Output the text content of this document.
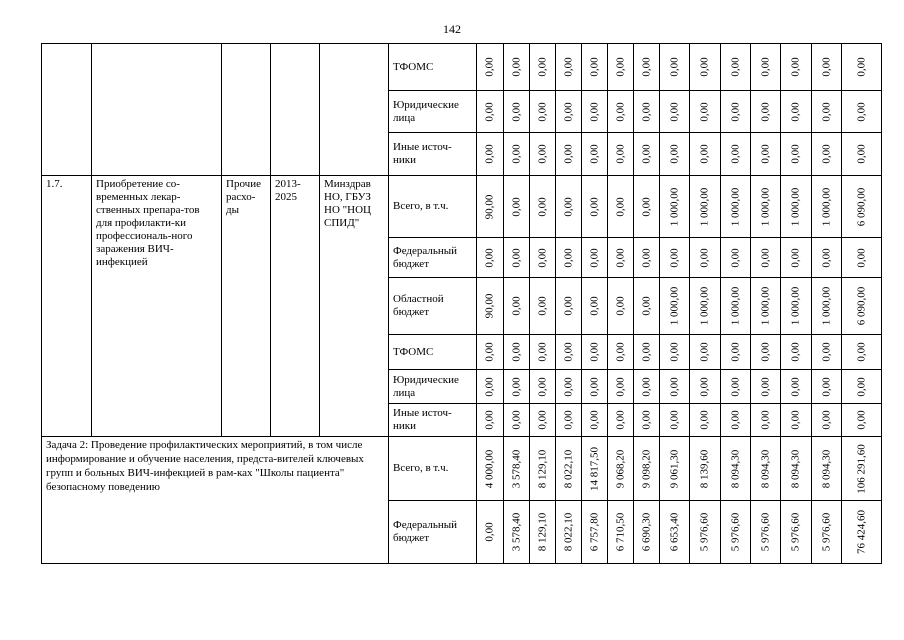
142
					ТФОМС	0,00	0,00	0,00	0,00	0,00	0,00	0,00	0,00	0,00	0,00	0,00	0,00	0,00	0,00

					Юридические лица	0,00	0,00	0,00	0,00	0,00	0,00	0,00	0,00	0,00	0,00	0,00	0,00	0,00	0,00

					Иные источ-ники	0,00	0,00	0,00	0,00	0,00	0,00	0,00	0,00	0,00	0,00	0,00	0,00	0,00	0,00

1.7.	Приобретение со-временных лекар-ственных препара-тов для профилакти-ки профессиональ-ного заражения ВИЧ-инфекцией	Прочие расхо-ды	2013-2025	Минздрав НО, ГБУЗ НО "НОЦ СПИД"	Всего, в т.ч.	90,00	0,00	0,00	0,00	0,00	0,00	0,00	1 000,00	1 000,00	1 000,00	1 000,00	1 000,00	1 000,00	6 090,00

					Федеральный бюджет	0,00	0,00	0,00	0,00	0,00	0,00	0,00	0,00	0,00	0,00	0,00	0,00	0,00	0,00

					Областной бюджет	90,00	0,00	0,00	0,00	0,00	0,00	0,00	1 000,00	1 000,00	1 000,00	1 000,00	1 000,00	1 000,00	6 090,00

					ТФОМС	0,00	0,00	0,00	0,00	0,00	0,00	0,00	0,00	0,00	0,00	0,00	0,00	0,00	0,00

					Юридические лица	0,00	0,00	0,00	0,00	0,00	0,00	0,00	0,00	0,00	0,00	0,00	0,00	0,00	0,00

					Иные источ-ники	0,00	0,00	0,00	0,00	0,00	0,00	0,00	0,00	0,00	0,00	0,00	0,00	0,00	0,00

Задача 2: Проведение профилактических мероприятий, в том числе информирование и обучение населения, предста-вителей ключевых групп и больных ВИЧ-инфекцией в рам-ках "Школы пациента" безопасному поведению					Всего, в т.ч.	4 000,00	3 578,40	8 129,10	8 022,10	14 817,50	9 068,20	9 098,20	9 061,30	8 139,60	8 094,30	8 094,30	8 094,30	8 094,30	106 291,60

					Федеральный бюджет	0,00	3 578,40	8 129,10	8 022,10	6 757,80	6 710,50	6 690,30	6 653,40	5 976,60	5 976,60	5 976,60	5 976,60	5 976,60	76 424,60
